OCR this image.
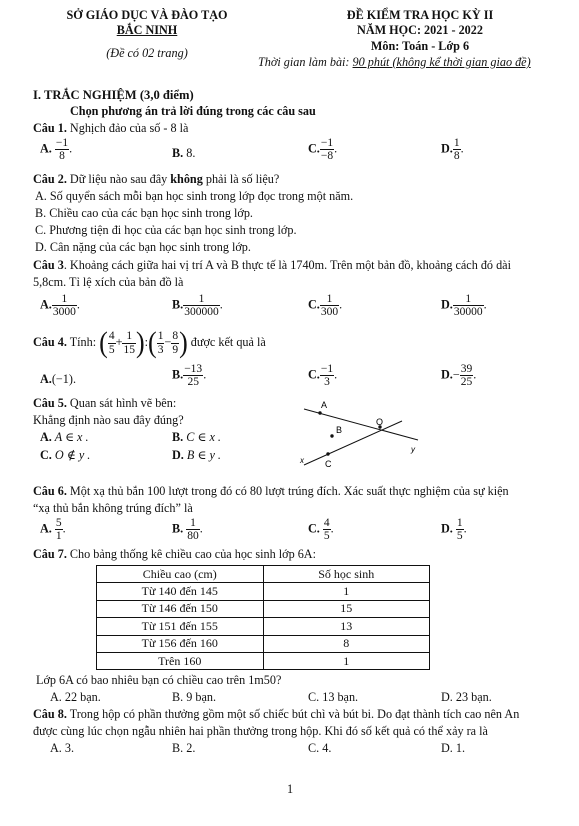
SỞ GIÁO DỤC VÀ ĐÀO TẠO
BẮC NINH
(Đề có 02 trang)
ĐỀ KIỂM TRA HỌC KỲ II
NĂM HỌC: 2021 - 2022
Môn: Toán - Lớp 6
Thời gian làm bài: 90 phút (không kể thời gian giao đề)
I. TRẮC NGHIỆM (3,0 điểm)
Chọn phương án trả lời đúng trong các câu sau
Câu 1. Nghịch đảo của số - 8 là
A. $\frac{-1}{8}$ .	B. 8.	C. $\frac{-1}{-8}$ .	D. $\frac{1}{8}$ .
Câu 2. Dữ liệu nào sau đây không phải là số liệu?
A. Số quyển sách mỗi bạn học sinh trong lớp đọc trong một năm.
B. Chiều cao của các bạn học sinh trong lớp.
C. Phương tiện đi học của các bạn học sinh trong lớp.
D. Cân nặng của các bạn học sinh trong lớp.
Câu 3. Khoảng cách giữa hai vị trí A và B thực tế là 1740m. Trên một bản đồ, khoảng cách đó dài
5,8cm. Tỉ lệ xích của bản đồ là
A. $\frac{1}{3000}$ .	B. $\frac{1}{300000}$ .	C. $\frac{1}{300}$ .	D. $\frac{1}{30000}$ .
Câu 4. Tính: ( $\frac{4}{5} + \frac{1}{15}$ ):( $\frac{1}{3} - \frac{8}{9}$ ) được kết quả là
A.(−1).	B. $\frac{-13}{25}$ .	C. $\frac{-1}{3}$ .	$D.- \frac{39}{25}$ .
Câu 5. Quan sát hình vẽ bên:
Khẳng định nào sau đây đúng?
A. A ∈ x .	B. C ∈ x .
C. O ∉ y .	D. B ∈ y .
A
B
O
C
x
y
Câu 6. Một xạ thủ bắn 100 lượt trong đó có 80 lượt trúng đích. Xác suất thực nghiệm của sự kiện
“xạ thủ bắn không trúng đích” là
A. $\frac{5}{1}$ .	B. $\frac{1}{80}$ .	C. $\frac{4}{5}$ .	D. $\frac{1}{5}$ .
Câu 7. Cho bảng thống kê chiều cao của học sinh lớp 6A:
Chiều cao (cm)	Số học sinh
Từ 140 đến 145	1
Từ 146 đến 150	15
Từ 151 đến 155	13
Từ 156 đến 160	8
Trên 160	1
Lớp 6A có bao nhiêu bạn có chiều cao trên 1m50?
A. 22 bạn.	B. 9 bạn.	C. 13 bạn.	D. 23 bạn.
Câu 8. Trong hộp có phần thưởng gồm một số chiếc bút chì và bút bi. Do đạt thành tích cao nên An
được cùng lúc chọn ngẫu nhiên hai phần thưởng trong hộp. Khi đó số kết quả có thể xảy ra là
A. 3.	B. 2.	C. 4.	D. 1.
1
